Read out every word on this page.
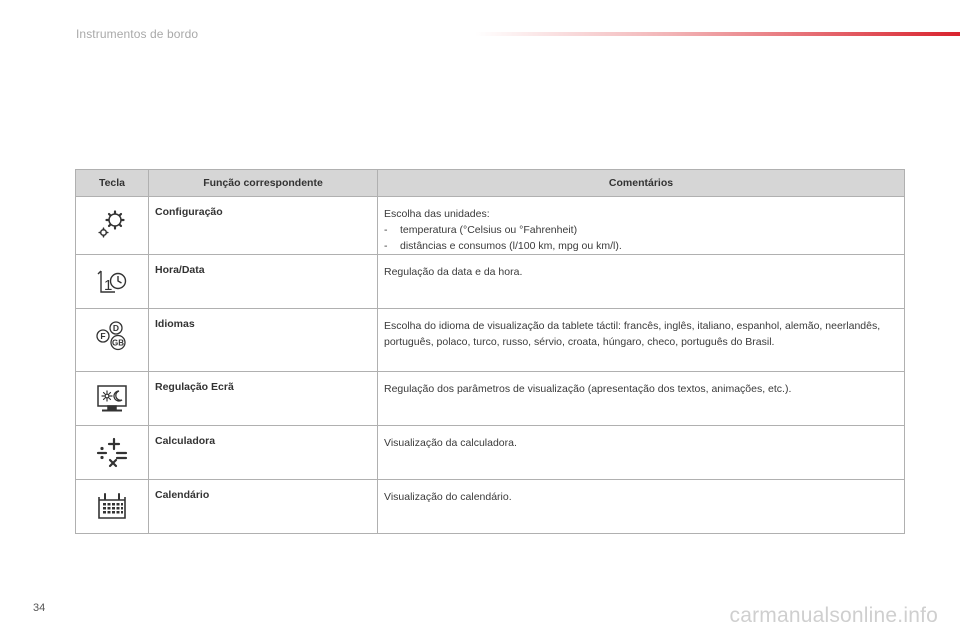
Instrumentos de bordo
Tecla	Função correspondente	Comentários

	Configuração	Escolha das unidades:
- temperatura (°Celsius ou °Fahrenheit)
- distâncias e consumos (l/100 km, mpg ou km/l).

1	Hora/Data	Regulação da data e da hora.

D
F
GB	Idiomas	Escolha do idioma de visualização da tablete táctil: francês, inglês, italiano, espanhol, alemão, neerlandês, português, polaco, turco, russo, sérvio, croata, húngaro, checo, português do Brasil.

	Regulação Ecrã	Regulação dos parâmetros de visualização (apresentação dos textos, animações, etc.).

	Calculadora	Visualização da calculadora.

	Calendário	Visualização do calendário.
34	carmanualsonline.info
